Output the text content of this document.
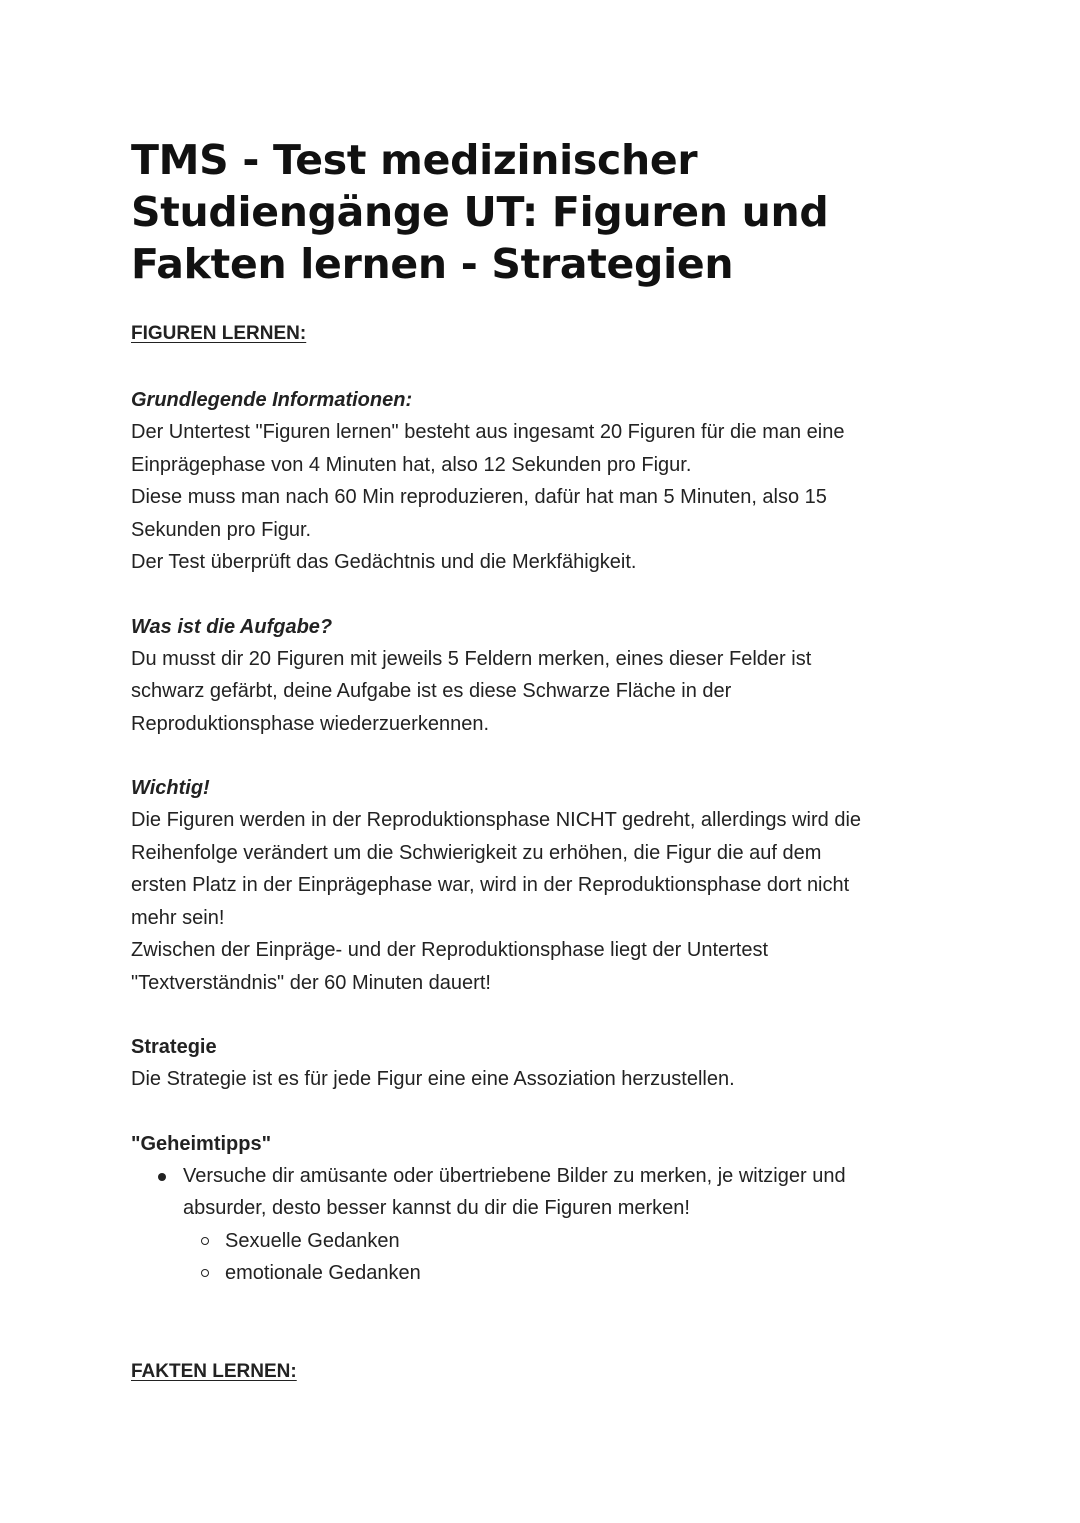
TMS - Test medizinischer
Studiengänge UT: Figuren und
Fakten lernen - Strategien

FIGUREN LERNEN:

Grundlegende Informationen:

Der Untertest "Figuren lernen" besteht aus ingesamt 20 Figuren für die man eine

Einprägephase von 4 Minuten hat, also 12 Sekunden pro Figur.

Diese muss man nach 60 Min reproduzieren, dafür hat man 5 Minuten, also 15

Sekunden pro Figur.

Der Test überprüft das Gedächtnis und die Merkfähigkeit.

Was ist die Aufgabe?

Du musst dir 20 Figuren mit jeweils 5 Feldern merken, eines dieser Felder ist

schwarz gefärbt, deine Aufgabe ist es diese Schwarze Fläche in der

Reproduktionsphase wiederzuerkennen.

Wichtig!

Die Figuren werden in der Reproduktionsphase NICHT gedreht, allerdings wird die

Reihenfolge verändert um die Schwierigkeit zu erhöhen, die Figur die auf dem

ersten Platz in der Einprägephase war, wird in der Reproduktionsphase dort nicht

mehr sein!

Zwischen der Einpräge- und der Reproduktionsphase liegt der Untertest

"Textverständnis" der 60 Minuten dauert!

Strategie

Die Strategie ist es für jede Figur eine eine Assoziation herzustellen.

"Geheimtipps"

Versuche dir amüsante oder übertriebene Bilder zu merken, je witziger und
absurder, desto besser kannst du dir die Figuren merken!
Sexuelle Gedanken
emotionale Gedanken

FAKTEN LERNEN:
